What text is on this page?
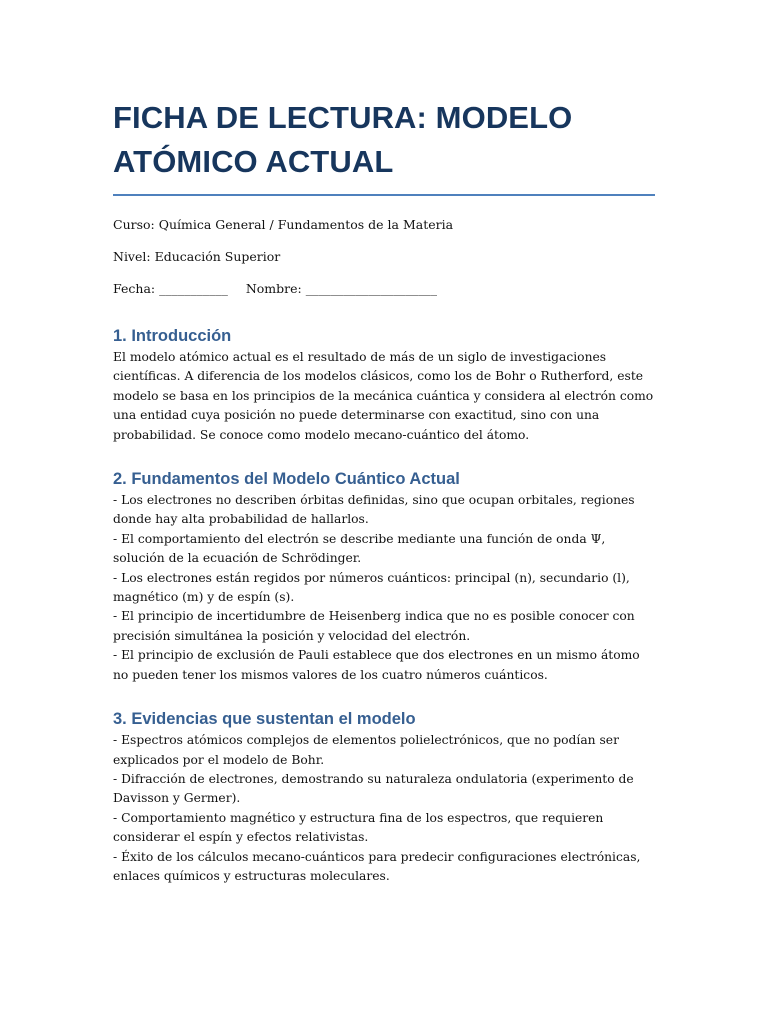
FICHA DE LECTURA: MODELO ATÓMICO ACTUAL

Curso: Química General / Fundamentos de la Materia

Nivel: Educación Superior

Fecha: ___________ Nombre: _____________________

1. Introducción

El modelo atómico actual es el resultado de más de un siglo de investigaciones científicas. A diferencia de los modelos clásicos, como los de Bohr o Rutherford, este modelo se basa en los principios de la mecánica cuántica y considera al electrón como una entidad cuya posición no puede determinarse con exactitud, sino con una probabilidad. Se conoce como modelo mecano-cuántico del átomo.

2. Fundamentos del Modelo Cuántico Actual
- Los electrones no describen órbitas definidas, sino que ocupan orbitales, regiones donde hay alta probabilidad de hallarlos.
- El comportamiento del electrón se describe mediante una función de onda Ψ, solución de la ecuación de Schrödinger.
- Los electrones están regidos por números cuánticos: principal (n), secundario (l), magnético (m) y de espín (s).
- El principio de incertidumbre de Heisenberg indica que no es posible conocer con precisión simultánea la posición y velocidad del electrón.
- El principio de exclusión de Pauli establece que dos electrones en un mismo átomo no pueden tener los mismos valores de los cuatro números cuánticos.
3. Evidencias que sustentan el modelo
- Espectros atómicos complejos de elementos polielectrónicos, que no podían ser explicados por el modelo de Bohr.
- Difracción de electrones, demostrando su naturaleza ondulatoria (experimento de Davisson y Germer).
- Comportamiento magnético y estructura fina de los espectros, que requieren considerar el espín y efectos relativistas.
- Éxito de los cálculos mecano-cuánticos para predecir configuraciones electrónicas, enlaces químicos y estructuras moleculares.
